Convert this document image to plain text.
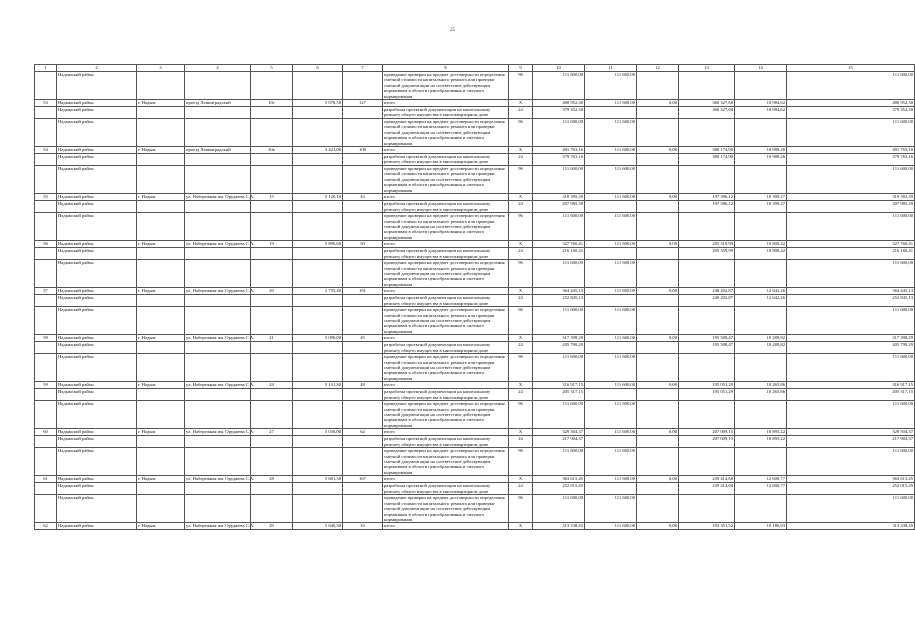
25
1	2	3	4	5	6	7	8	9	10	11	12	13	14	15
	Надымский район						проведение проверки на предмет достоверности определения сметной стоимости капитального ремонта или проверки сметной документации на соответствие действующим нормативам в области ценообразования и сметного нормирования	96	111 600,00	111 600,00				111 600,00
53	Надымский район	г. Надым	проезд Ленинградский	10г	5 078,50	127	итого	X	480 952,30	111 600,00	0,00	360 327,68	10 984,62	480 952,30
	Надымский район						разработка проектной документации на капитальному ремонту общего имущества в многоквартирном доме	24	379 352,30			360 327,68	10 984,62	379 352,30
	Надымский район						проведение проверки на предмет достоверности определения сметной стоимости капитального ремонта или проверки сметной документации на соответствие действующим нормативам в области ценообразования и сметного нормирования	96	111 600,00	111 600,00				111 600,00
54	Надымский район	г. Надым	проезд Ленинградский	10к	3 421,00	108	итого	X	491 763,16	111 600,00	0,00	380 174,90	10 988,26	491 763,16
	Надымский район						разработка проектной документации на капитальному ремонту общего имущества в многоквартирном доме	24	379 763,16			380 174,90	10 988,26	379 763,16
	Надымский район						проведение проверки на предмет достоверности определения сметной стоимости капитального ремонта или проверки сметной документации на соответствие действующим нормативам в области ценообразования и сметного нормирования	96	111 600,00	111 600,00				111 600,00
55	Надымский район	г. Надым	ул. Набережная им. Оруджева С.А.	15	5 120,10	43	итого	X	318 395,39	111 600,00	0,00	197 396,12	10 399,27	319 583,39
	Надымский район						разработка проектной документации на капитальному ремонту общего имущества в многоквартирном доме	24	207 985,39			197 586,12	10 399,27	207 985,39
	Надымский район						проведение проверки на предмет достоверности определения сметной стоимости капитального ремонта или проверки сметной документации на соответствие действующим нормативам в области ценообразования и сметного нормирования	96	111 600,00	111 600,00				111 600,00
56	Надымский район	г. Надым	ул. Набережная им. Оруджева С.А.	19	5 890,60	50	итого	X	327 760,41	111 600,00	0,00	205 319,99	10 800,42	327 760,41
	Надымский район						разработка проектной документации на капитальному ремонту общего имущества в многоквартирном доме	24	216 160,41			205 359,99	10 808,42	216 160,41
	Надымский район						проведение проверки на предмет достоверности определения сметной стоимости капитального ремонта или проверки сметной документации на соответствие действующим нормативам в области ценообразования и сметного нормирования	96	111 600,00	111 600,00				111 600,00
57	Надымский район	г. Надым	ул. Набережная им. Оруджева С.А.	20	2 735,40	161	итого	X	364 445,13	111 600,00	0,00	240 202,87	12 642,26	364 445,13
	Надымский район						разработка проектной документации на капитальному ремонту общего имущества в многоквартирном доме	24	252 845,13			240 202,87	12 642,26	252 845,13
	Надымский район						проведение проверки на предмет достоверности определения сметной стоимости капитального ремонта или проверки сметной документации на соответствие действующим нормативам в области ценообразования и сметного нормирования	96	111 600,00	111 600,00				111 600,00
58	Надымский район	г. Надым	ул. Набережная им. Оруджева С.А.	21	5 096,00	45	итого	X	317 398,29	111 600,00	0,00	195 508,47	10 289,82	317 398,29
	Надымский район						разработка проектной документации на капитальному ремонту общего имущества в многоквартирном доме	24	205 798,29			195 508,47	10 289,82	205 798,29
	Надымский район						проведение проверки на предмет достоверности определения сметной стоимости капитального ремонта или проверки сметной документации на соответствие действующим нормативам в области ценообразования и сметного нормирования	96	111 600,00	111 600,00				111 600,00
59	Надымский район	г. Надым	ул. Набережная им. Оруджева С.А.	24	5 131,30	48	итого	X	316 917,15	111 600,00	0,00	195 051,29	10 265,86	316 917,15
	Надымский район						разработка проектной документации на капитальному ремонту общего имущества в многоквартирном доме	24	205 317,15			195 051,29	10 265,86	205 317,15
	Надымский район						проведение проверки на предмет достоверности определения сметной стоимости капитального ремонта или проверки сметной документации на соответствие действующим нормативам в области ценообразования и сметного нормирования	96	111 600,00	111 600,00				111 600,00
60	Надымский район	г. Надым	ул. Набережная им. Оруджева С.А.	27	5 036,00	62	итого	X	329 504,37	111 600,00	0,00	207 009,15	10 895,22	329 504,37
	Надымский район						разработка проектной документации на капитальному ремонту общего имущества в многоквартирном доме	24	217 904,37			207 009,15	10 895,22	217 904,37
	Надымский район						проведение проверки на предмет достоверности определения сметной стоимости капитального ремонта или проверки сметной документации на соответствие действующим нормативам в области ценообразования и сметного нормирования	96	111 600,00	111 600,00				111 600,00
61	Надымский район	г. Надым	ул. Набережная им. Оруджева С.А.	28	5 681,30	167	итого	X	363 615,45	111 600,00	0,00	239 414,68	12 600,77	363 615,45
	Надымский район						разработка проектной документации на капитальному ремонту общего имущества в многоквартирном доме	24	252 015,45			239 414,68	12 600,77	252 015,45
	Надымский район						проведение проверки на предмет достоверности определения сметной стоимости капитального ремонта или проверки сметной документации на соответствие действующим нормативам в области ценообразования и сметного нормирования	96	111 600,00	111 600,00				111 600,00
62	Надымский район	г. Надым	ул. Набережная им. Оруджева С.А.	29	5 640,30	33	итого	X	313 338,45	111 600,00	0,00	193 351,52	10 186,93	313 338,45
